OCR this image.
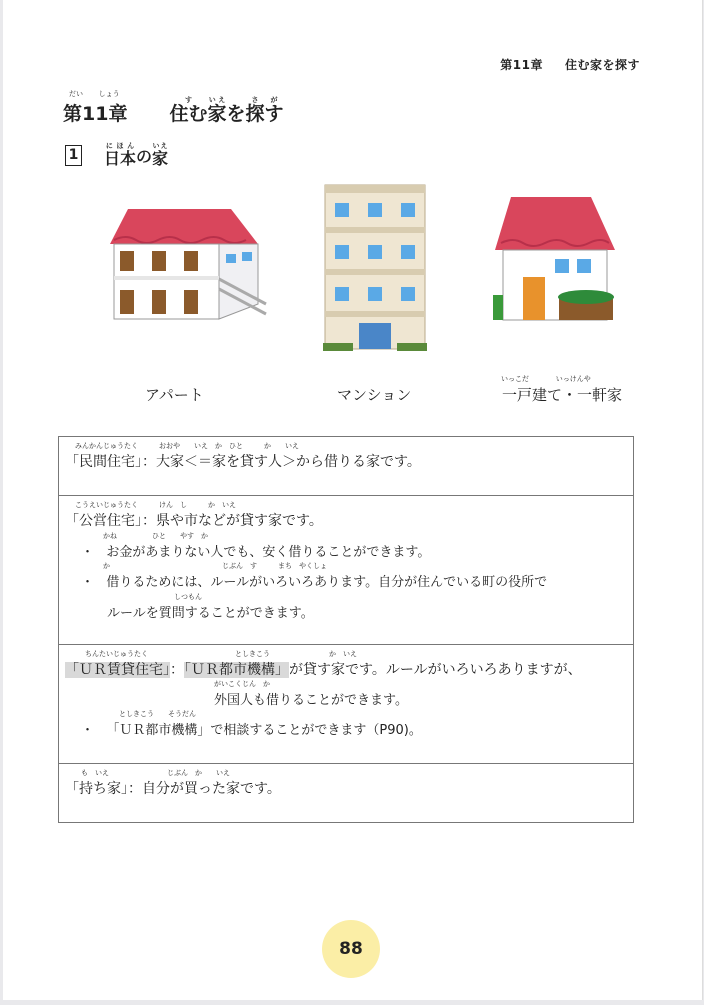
第11章 住む家を探す
第11章 住むす家いえを探すさが
だい しょう
1 日本にほん
の 家いえ
アパート	マンション
いっこだ	いっけんや
一戸建て・一軒家
みんかんじゅうたく	おおや　　いえ　か　ひと　　　か　　いえ
「民間住宅」：大家＜＝家を貸す人＞から借りる家です。
こうえいじゅうたく	けん　し　　　か　いえ
「公営住宅」：県や市などが貸す家です。
かね　　　　　ひと　　やす　か
・ お金があまりない人でも、安く借りることができます。
か　　　　　　　　　　　　　　　　じぶん　す　　　まち　やくしょ
・ 借りるためには、ルールがいろいろあります。自分が住んでいる町の役所で
しつもん
ルールを質問することができます。
ちんたいじゅうたく	としきこう	か　いえ
「ＵＲ賃貸住宅」：「ＵＲ都市機構」が貸す家です。ルールがいろいろありますが、
がいこくじん　か
外国人も借りることができます。
としきこう　　そうだん
・ 「ＵＲ都市機構」で相談することができます（P90)。
も　いえ	じぶん　か　　いえ
「持ち家」：自分が買った家です。
88
